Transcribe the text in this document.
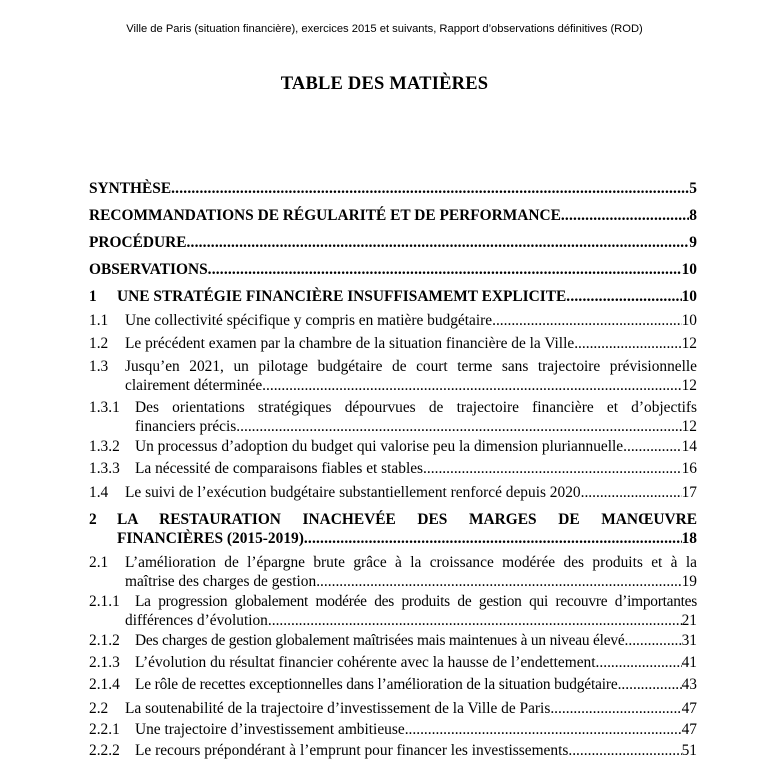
Ville de Paris (situation financière), exercices 2015 et suivants, Rapport d’observations définitives (ROD)
TABLE DES MATIÈRES
SYNTHÈSE .....	5
RECOMMANDATIONS DE RÉGULARITÉ ET DE PERFORMANCE .....	8
PROCÉDURE .....	9
OBSERVATIONS .....	10
1	UNE STRATÉGIE FINANCIÈRE INSUFFISAMEMT EXPLICITE .....	10
1.1	Une collectivité spécifique y compris en matière budgétaire .....	10
1.2	Le précédent examen par la chambre de la situation financière de la Ville .....	12
1.3	Jusqu’en 2021, un pilotage budgétaire de court terme sans trajectoire prévisionnelle
clairement déterminée .....	12
1.3.1 Des orientations stratégiques dépourvues de trajectoire financière et d’objectifs
financiers précis .....	12
1.3.2 Un processus d’adoption du budget qui valorise peu la dimension pluriannuelle .....	14
1.3.3 La nécessité de comparaisons fiables et stables .....	16
1.4	Le suivi de l’exécution budgétaire substantiellement renforcé depuis 2020 .....	17
2	LA RESTAURATION INACHEVÉE DES MARGES DE MANŒUVRE
FINANCIÈRES (2015-2019) .....	18
2.1	L’amélioration de l’épargne brute grâce à la croissance modérée des produits et à la
maîtrise des charges de gestion .....	19
2.1.1 La progression globalement modérée des produits de gestion qui recouvre d’importantes
différences d’évolution .....	21
2.1.2 Des charges de gestion globalement maîtrisées mais maintenues à un niveau élevé .....	31
2.1.3 L’évolution du résultat financier cohérente avec la hausse de l’endettement .....	41
2.1.4 Le rôle de recettes exceptionnelles dans l’amélioration de la situation budgétaire .....	43
2.2	La soutenabilité de la trajectoire d’investissement de la Ville de Paris .....	47
2.2.1 Une trajectoire d’investissement ambitieuse .....	47
2.2.2 Le recours prépondérant à l’emprunt pour financer les investissements .....	51
